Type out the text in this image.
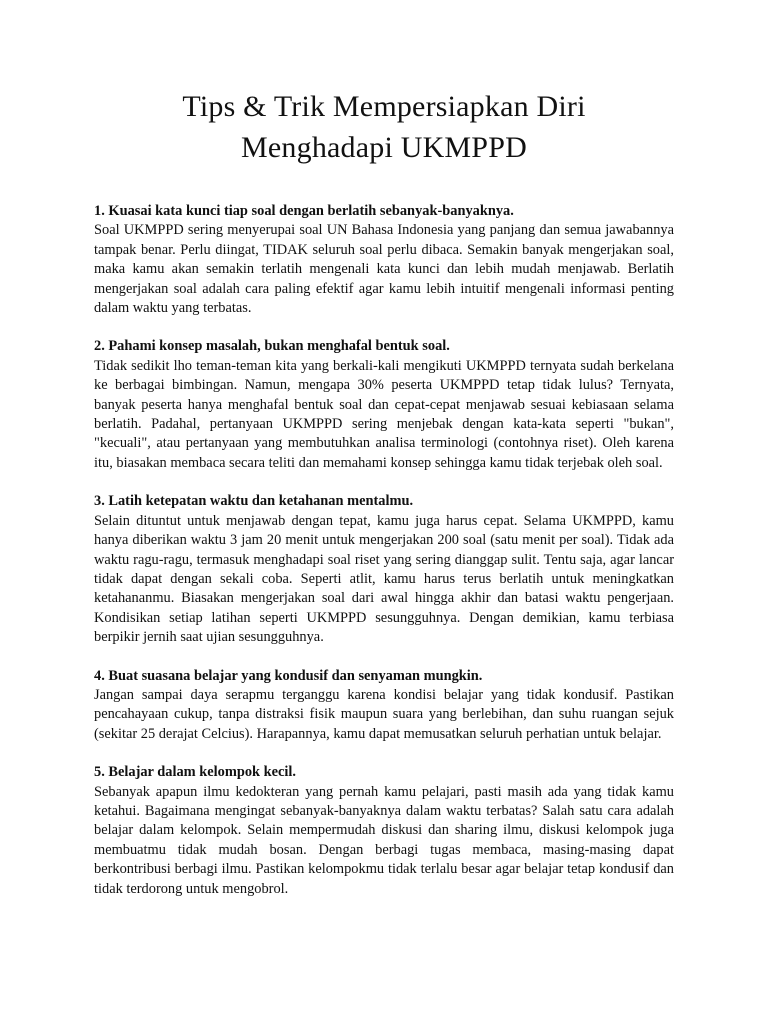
Tips & Trik Mempersiapkan Diri
Menghadapi UKMPPD

1. Kuasai kata kunci tiap soal dengan berlatih sebanyak-banyaknya.

Soal UKMPPD sering menyerupai soal UN Bahasa Indonesia yang panjang dan semua jawabannya tampak benar. Perlu diingat, TIDAK seluruh soal perlu dibaca. Semakin banyak mengerjakan soal, maka kamu akan semakin terlatih mengenali kata kunci dan lebih mudah menjawab. Berlatih mengerjakan soal adalah cara paling efektif agar kamu lebih intuitif mengenali informasi penting dalam waktu yang terbatas.

2. Pahami konsep masalah, bukan menghafal bentuk soal.

Tidak sedikit lho teman-teman kita yang berkali-kali mengikuti UKMPPD ternyata sudah berkelana ke berbagai bimbingan. Namun, mengapa 30% peserta UKMPPD tetap tidak lulus? Ternyata, banyak peserta hanya menghafal bentuk soal dan cepat-cepat menjawab sesuai kebiasaan selama berlatih. Padahal, pertanyaan UKMPPD sering menjebak dengan kata-kata seperti "bukan", "kecuali", atau pertanyaan yang membutuhkan analisa terminologi (contohnya riset). Oleh karena itu, biasakan membaca secara teliti dan memahami konsep sehingga kamu tidak terjebak oleh soal.

3. Latih ketepatan waktu dan ketahanan mentalmu.

Selain dituntut untuk menjawab dengan tepat, kamu juga harus cepat. Selama UKMPPD, kamu hanya diberikan waktu 3 jam 20 menit untuk mengerjakan 200 soal (satu menit per soal). Tidak ada waktu ragu-ragu, termasuk menghadapi soal riset yang sering dianggap sulit. Tentu saja, agar lancar tidak dapat dengan sekali coba. Seperti atlit, kamu harus terus berlatih untuk meningkatkan ketahananmu. Biasakan mengerjakan soal dari awal hingga akhir dan batasi waktu pengerjaan. Kondisikan setiap latihan seperti UKMPPD sesungguhnya. Dengan demikian, kamu terbiasa berpikir jernih saat ujian sesungguhnya.

4. Buat suasana belajar yang kondusif dan senyaman mungkin.

Jangan sampai daya serapmu terganggu karena kondisi belajar yang tidak kondusif. Pastikan pencahayaan cukup, tanpa distraksi fisik maupun suara yang berlebihan, dan suhu ruangan sejuk (sekitar 25 derajat Celcius). Harapannya, kamu dapat memusatkan seluruh perhatian untuk belajar.

5. Belajar dalam kelompok kecil.

Sebanyak apapun ilmu kedokteran yang pernah kamu pelajari, pasti masih ada yang tidak kamu ketahui. Bagaimana mengingat sebanyak-banyaknya dalam waktu terbatas? Salah satu cara adalah belajar dalam kelompok. Selain mempermudah diskusi dan sharing ilmu, diskusi kelompok juga membuatmu tidak mudah bosan. Dengan berbagi tugas membaca, masing-masing dapat berkontribusi berbagi ilmu. Pastikan kelompokmu tidak terlalu besar agar belajar tetap kondusif dan tidak terdorong untuk mengobrol.
